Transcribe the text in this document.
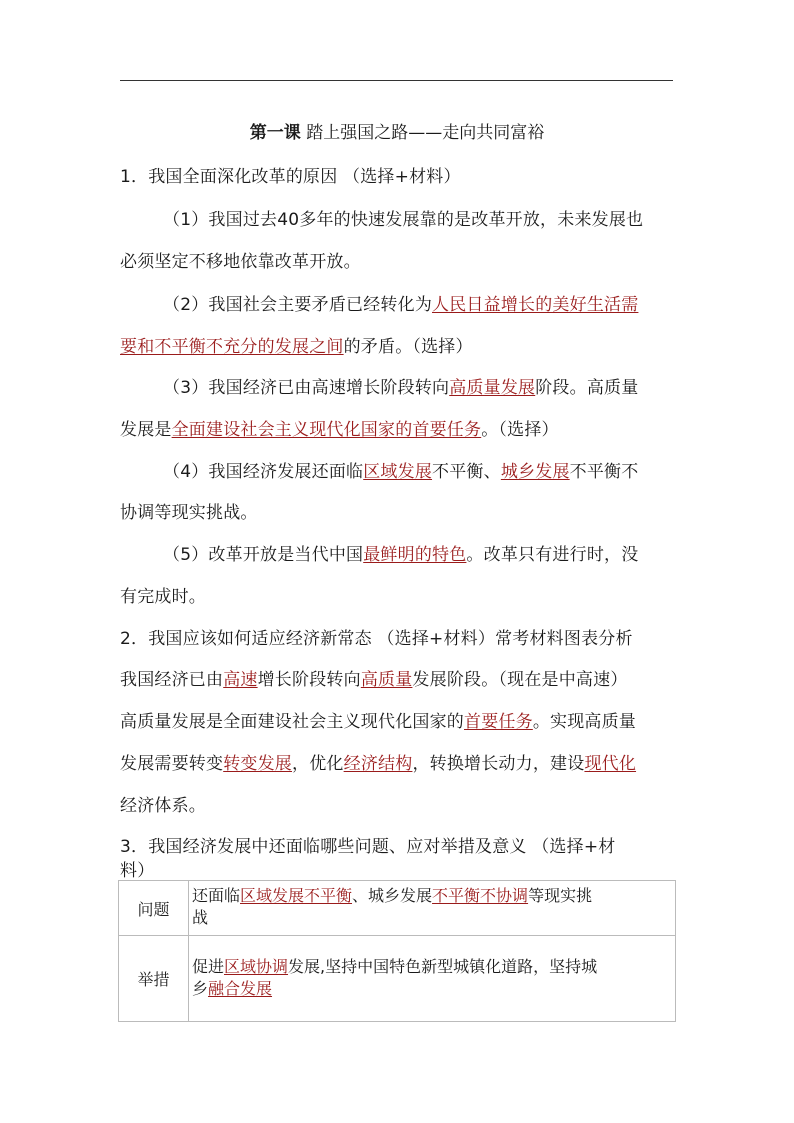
第一课 踏上强国之路——走向共同富裕
1．我国全面深化改革的原因 （选择+材料）
（1）我国过去40多年的快速发展靠的是改革开放，未来发展也
必须坚定不移地依靠改革开放。
（2）我国社会主要矛盾已经转化为人民日益增长的美好生活需
要和不平衡不充分的发展之间的矛盾。（选择）
（3）我国经济已由高速增长阶段转向高质量发展阶段。高质量
发展是全面建设社会主义现代化国家的首要任务。（选择）
（4）我国经济发展还面临区域发展不平衡、城乡发展不平衡不
协调等现实挑战。
（5）改革开放是当代中国最鲜明的特色。改革只有进行时，没
有完成时。
2．我国应该如何适应经济新常态 （选择+材料）常考材料图表分析
我国经济已由高速增长阶段转向高质量发展阶段。（现在是中高速）
高质量发展是全面建设社会主义现代化国家的首要任务。实现高质量
发展需要转变转变发展，优化经济结构，转换增长动力，建设现代化
经济体系。
3．我国经济发展中还面临哪些问题、应对举措及意义 （选择+材
料）
问题	还面临区域发展不平衡、城乡发展不平衡不协调等现实挑
战
举措	促进区域协调发展,坚持中国特色新型城镇化道路，坚持城
乡融合发展
